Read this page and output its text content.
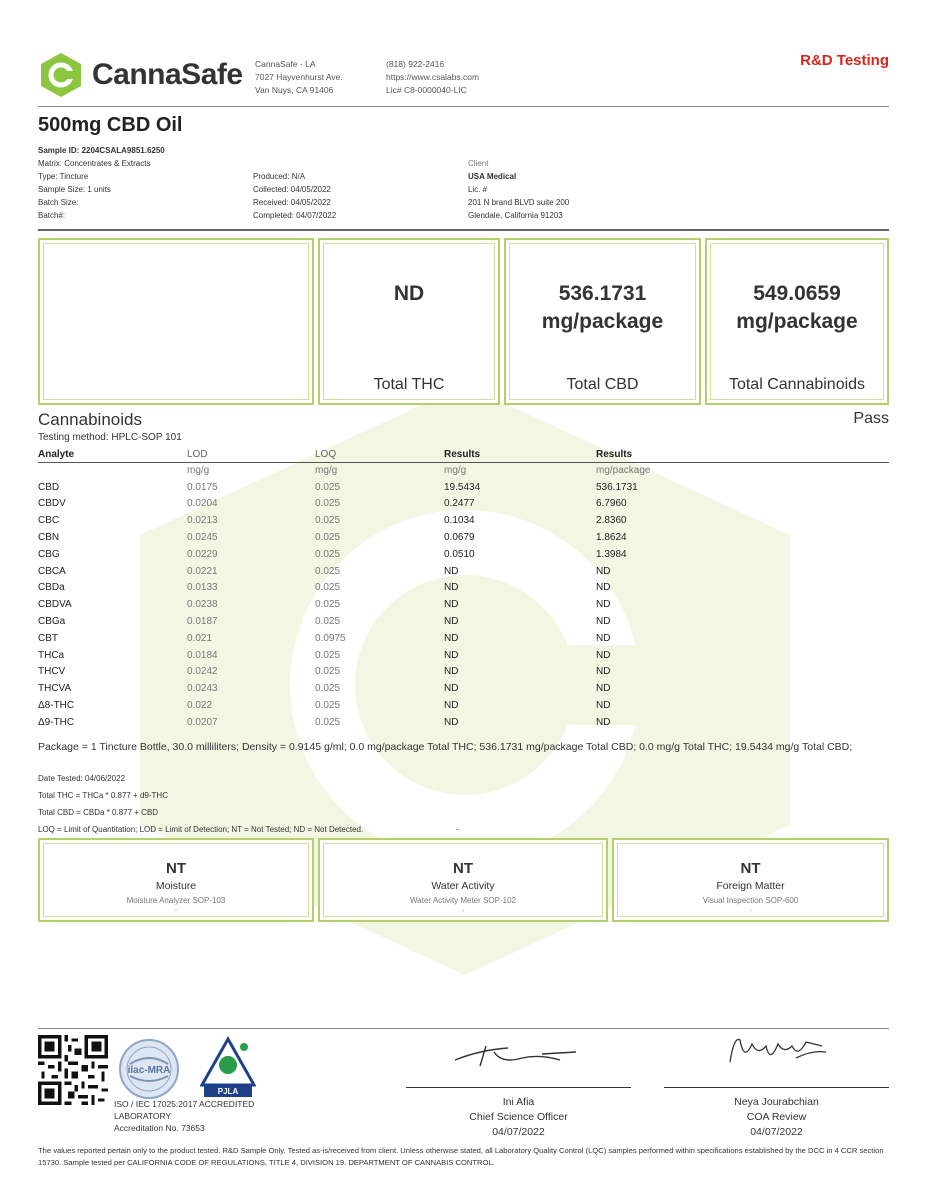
CannaSafe CannaSafe - LA
7027 Hayvenhurst Ave.
Van Nuys, CA 91406
(818) 922-2416
https://www.csalabs.com
Lic# C8-0000040-LIC
R&D Testing
500mg CBD Oil
Sample ID: 2204CSALA9851.6250
Matrix: Concentrates & Extracts
Type: Tincture
Sample Size: 1 units
Batch Size:
Batch#:
Produced: N/A
Collected: 04/05/2022
Received: 04/05/2022
Completed: 04/07/2022
Client
USA Medical
Lic. #
201 N brand BLVD suite 200
Glendale, California 91203
ND
Total THC
536.1731
mg/package
Total CBD
549.0659
mg/package
Total Cannabinoids
Cannabinoids	Pass
Testing method: HPLC-SOP 101
Analyte	LOD	LOQ	Results	Results
	mg/g	mg/g	mg/g	mg/package
CBD	0.0175	0.025	19.5434	536.1731
CBDV	0.0204	0.025	0.2477	6.7960
CBC	0.0213	0.025	0.1034	2.8360
CBN	0.0245	0.025	0.0679	1.8624
CBG	0.0229	0.025	0.0510	1.3984
CBCA	0.0221	0.025	ND	ND
CBDa	0.0133	0.025	ND	ND
CBDVA	0.0238	0.025	ND	ND
CBGa	0.0187	0.025	ND	ND
CBT	0.021	0.0975	ND	ND
THCa	0.0184	0.025	ND	ND
THCV	0.0242	0.025	ND	ND
THCVA	0.0243	0.025	ND	ND
Δ8-THC	0.022	0.025	ND	ND
Δ9-THC	0.0207	0.025	ND	ND
Package = 1 Tincture Bottle, 30.0 milliliters; Density = 0.9145 g/ml; 0.0 mg/package Total THC; 536.1731 mg/package Total CBD; 0.0 mg/g Total THC; 19.5434 mg/g Total CBD;
Date Tested: 04/06/2022
Total THC = THCa * 0.877 + d9-THC
Total CBD = CBDa * 0.877 + CBD
LOQ = Limit of Quantitation; LOD = Limit of Detection; NT = Not Tested; ND = Not Detected.	-
NT
Moisture
Moisture Analyzer SOP-103
-
NT
Water Activity
Water Activity Meter SOP-102
-
NT
Foreign Matter
Visual Inspection SOP-600
-
ilac-MRA
PJLA
ISO / IEC 17025:2017 ACCREDITED
LABORATORY
Accreditation No. 73653
Ini Afia
Chief Science Officer
04/07/2022
Neya Jourabchian
COA Review
04/07/2022
The values reported pertain only to the product tested. R&D Sample Only. Tested as-is/received from client. Unless otherwise stated, all Laboratory Quality Control (LQC) samples performed within specifications established by the DCC in 4 CCR section 15730. Sample tested per CALIFORNIA CODE OF REGULATIONS, TITLE 4, DIVISION 19. DEPARTMENT OF CANNABIS CONTROL.
